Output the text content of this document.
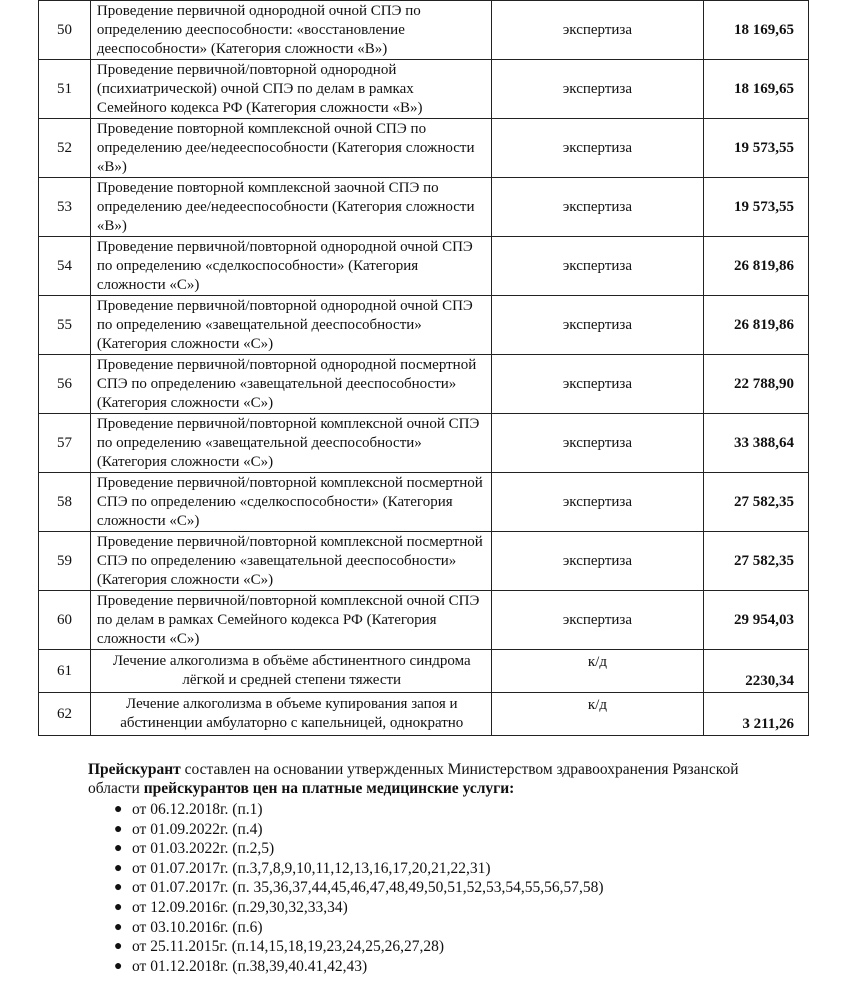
50	Проведение первичной однородной очной СПЭ по определению дееспособности: «восстановление дееспособности» (Категория сложности «В»)	экспертиза	18 169,65
51	Проведение первичной/повторной однородной (психиатрической) очной СПЭ по делам в рамках Семейного кодекса РФ (Категория сложности «В»)	экспертиза	18 169,65
52	Проведение повторной комплексной очной СПЭ по определению дее/недееспособности (Категория сложности «В»)	экспертиза	19 573,55
53	Проведение повторной комплексной заочной СПЭ по определению дее/недееспособности (Категория сложности «В»)	экспертиза	19 573,55
54	Проведение первичной/повторной однородной очной СПЭ по определению «сделкоспособности» (Категория сложности «С»)	экспертиза	26 819,86
55	Проведение первичной/повторной однородной очной СПЭ по определению «завещательной дееспособности» (Категория сложности «С»)	экспертиза	26 819,86
56	Проведение первичной/повторной однородной посмертной СПЭ по определению «завещательной дееспособности» (Категория сложности «С»)	экспертиза	22 788,90
57	Проведение первичной/повторной комплексной очной СПЭ по определению «завещательной дееспособности» (Категория сложности «С»)	экспертиза	33 388,64
58	Проведение первичной/повторной комплексной посмертной СПЭ по определению «сделкоспособности» (Категория сложности «С»)	экспертиза	27 582,35
59	Проведение первичной/повторной комплексной посмертной СПЭ по определению «завещательной дееспособности» (Категория сложности «С»)	экспертиза	27 582,35
60	Проведение первичной/повторной комплексной очной СПЭ по делам в рамках Семейного кодекса РФ (Категория сложности «С»)	экспертиза	29 954,03
61	Лечение алкоголизма в объёме абстинентного синдрома лёгкой и средней степени тяжести	к/д	2230,34
62	Лечение алкоголизма в объеме купирования запоя и абстиненции амбулаторно с капельницей, однократно	к/д	3 211,26
Прейскурант составлен на основании утвержденных Министерством здравоохранения Рязанской области прейскурантов цен на платные медицинские услуги:
● от 06.12.2018г. (п.1)
● от 01.09.2022г. (п.4)
● от 01.03.2022г. (п.2,5)
● от 01.07.2017г. (п.3,7,8,9,10,11,12,13,16,17,20,21,22,31)
● от 01.07.2017г. (п. 35,36,37,44,45,46,47,48,49,50,51,52,53,54,55,56,57,58)
● от 12.09.2016г. (п.29,30,32,33,34)
● от 03.10.2016г. (п.6)
● от 25.11.2015г. (п.14,15,18,19,23,24,25,26,27,28)
● от 01.12.2018г. (п.38,39,40.41,42,43)
